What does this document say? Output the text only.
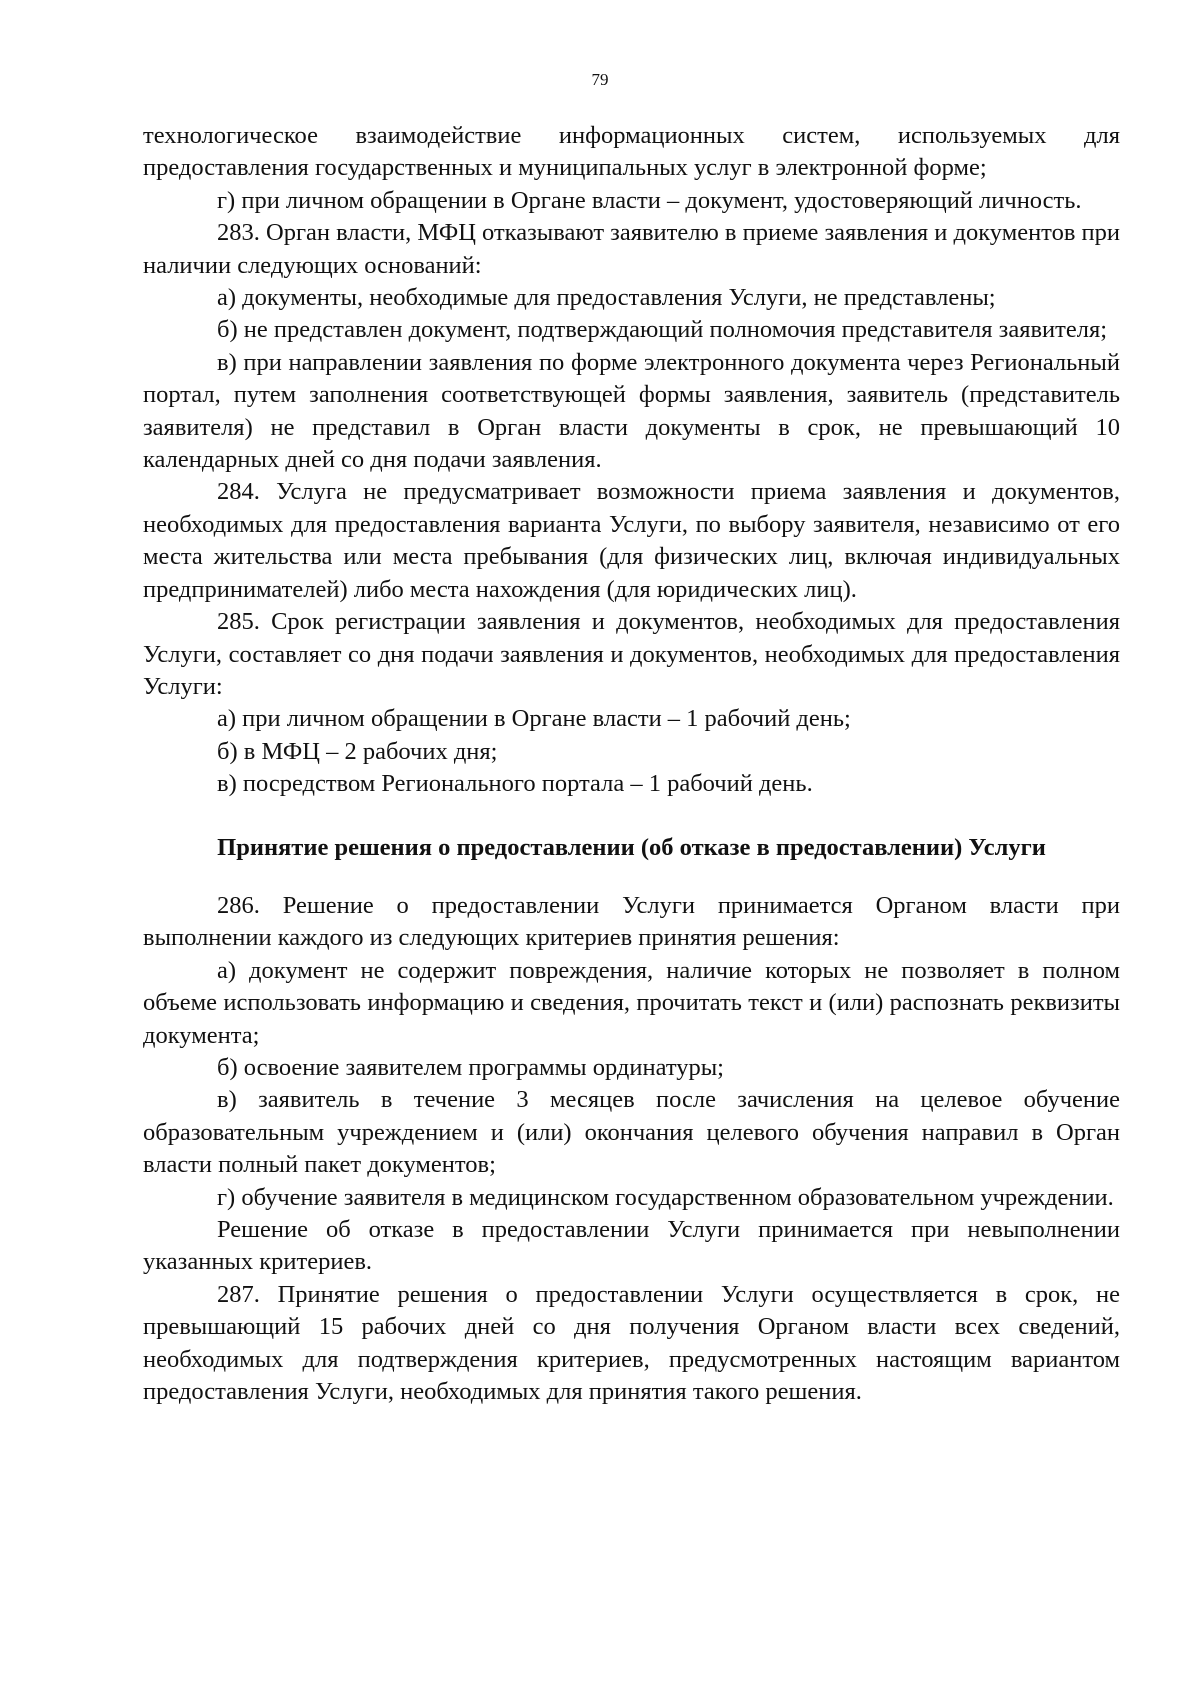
79

технологическое взаимодействие информационных систем, используемых для предоставления государственных и муниципальных услуг в электронной форме;

г) при личном обращении в Органе власти – документ, удостоверяющий личность.

283. Орган власти, МФЦ отказывают заявителю в приеме заявления и документов при наличии следующих оснований:

а) документы, необходимые для предоставления Услуги, не представлены;

б) не представлен документ, подтверждающий полномочия представителя заявителя;

в) при направлении заявления по форме электронного документа через Региональный портал, путем заполнения соответствующей формы заявления, заявитель (представитель заявителя) не представил в Орган власти документы в срок, не превышающий 10 календарных дней со дня подачи заявления.

284. Услуга не предусматривает возможности приема заявления и документов, необходимых для предоставления варианта Услуги, по выбору заявителя, независимо от его места жительства или места пребывания (для физических лиц, включая индивидуальных предпринимателей) либо места нахождения (для юридических лиц).

285. Срок регистрации заявления и документов, необходимых для предоставления Услуги, составляет со дня подачи заявления и документов, необходимых для предоставления Услуги:

а) при личном обращении в Органе власти – 1 рабочий день;

б) в МФЦ – 2 рабочих дня;

в) посредством Регионального портала – 1 рабочий день.

Принятие решения о предоставлении (об отказе в предоставлении) Услуги

286. Решение о предоставлении Услуги принимается Органом власти при выполнении каждого из следующих критериев принятия решения:

а) документ не содержит повреждения, наличие которых не позволяет в полном объеме использовать информацию и сведения, прочитать текст и (или) распознать реквизиты документа;

б) освоение заявителем программы ординатуры;

в) заявитель в течение 3 месяцев после зачисления на целевое обучение образовательным учреждением и (или) окончания целевого обучения направил в Орган власти полный пакет документов;

г) обучение заявителя в медицинском государственном образовательном учреждении.

Решение об отказе в предоставлении Услуги принимается при невыполнении указанных критериев.

287. Принятие решения о предоставлении Услуги осуществляется в срок, не превышающий 15 рабочих дней со дня получения Органом власти всех сведений, необходимых для подтверждения критериев, предусмотренных настоящим вариантом предоставления Услуги, необходимых для принятия такого решения.
